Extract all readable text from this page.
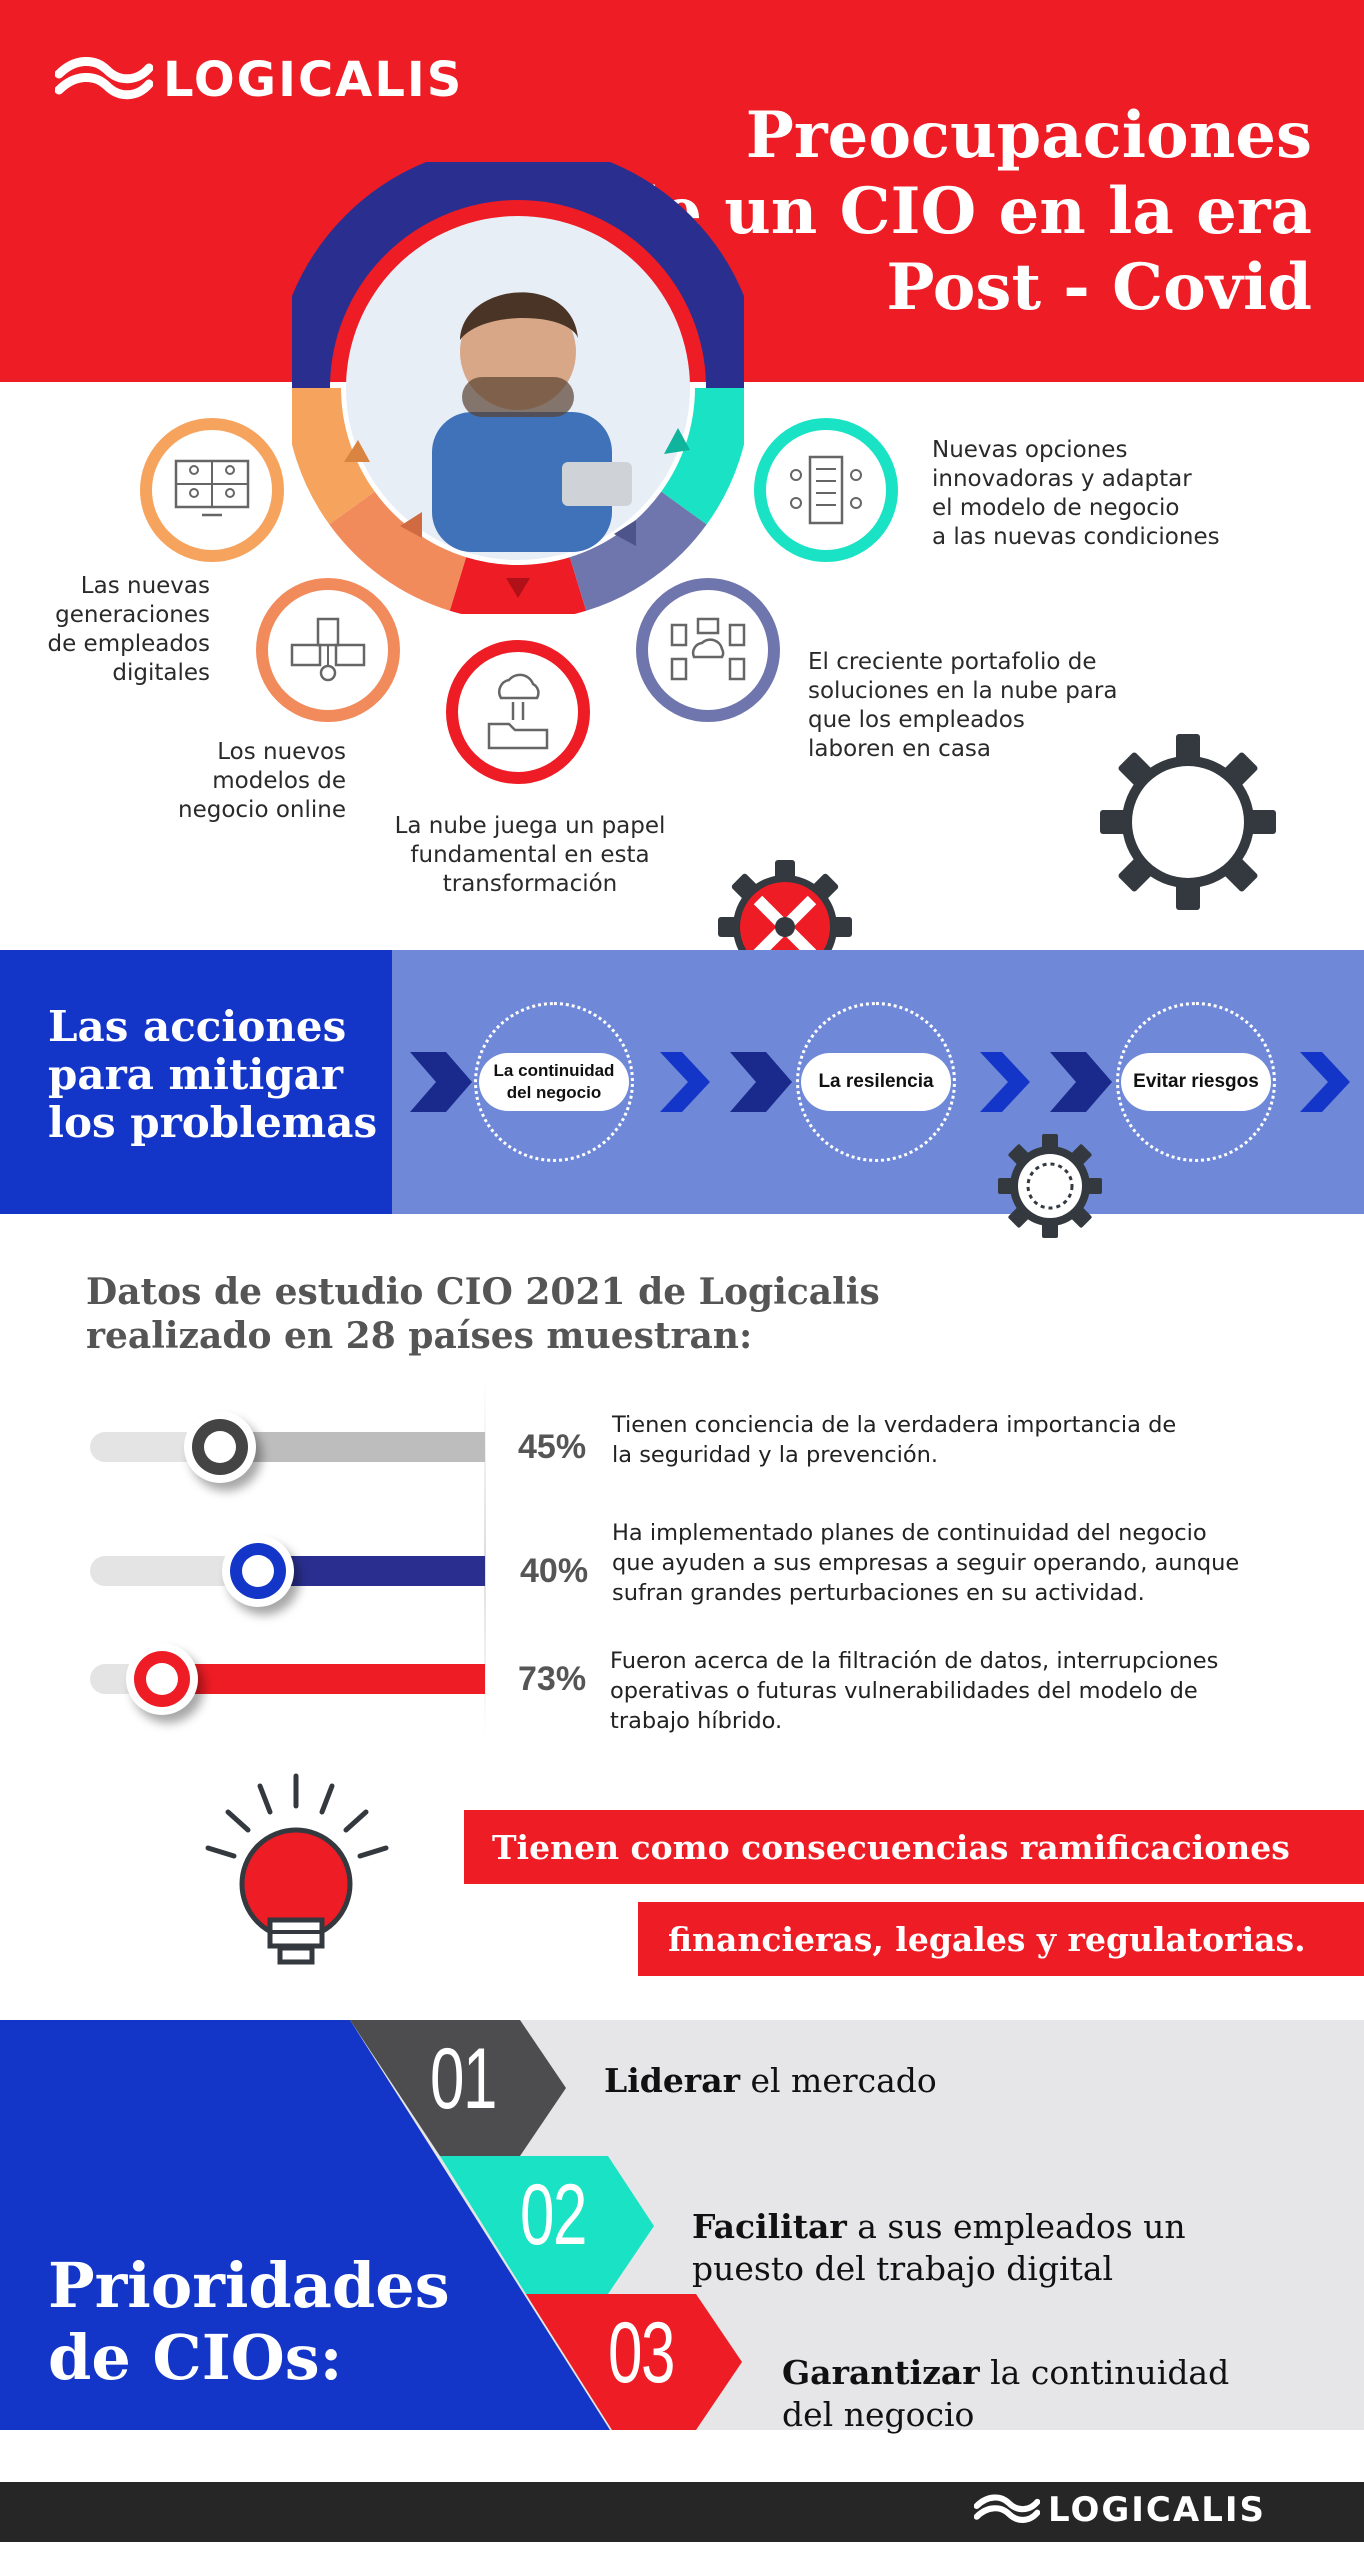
LOGICALIS
Preocupaciones
de un CIO en la era
Post - Covid
Las nuevas
generaciones
de empleados
digitales
Los nuevos
modelos de
negocio online
La nube juega un papel
fundamental en esta
transformación
El creciente portafolio de
soluciones en la nube para
que los empleados
laboren en casa
Nuevas opciones
innovadoras y adaptar
el modelo de negocio
a las nuevas condiciones
Las acciones
para mitigar
los problemas
La continuidad
del negocio
La resilencia	Evitar riesgos
Datos de estudio CIO 2021 de Logicalis
realizado en 28 países muestran:
45%
Tienen conciencia de la verdadera importancia de
la seguridad y la prevención.
40%
Ha implementado planes de continuidad del negocio
que ayuden a sus empresas a seguir operando, aunque
sufran grandes perturbaciones en su actividad.
73% Fueron acerca de la filtración de datos, interrupciones
operativas o futuras vulnerabilidades del modelo de
trabajo híbrido.
Tienen como consecuencias ramificaciones
financieras, legales y regulatorias.
01
02
03
Liderar el mercado

Facilitar a sus empleados un
puesto del trabajo digital

Garantizar la continuidad
del negocio

Prioridades
de CIOs:
LOGICALIS
